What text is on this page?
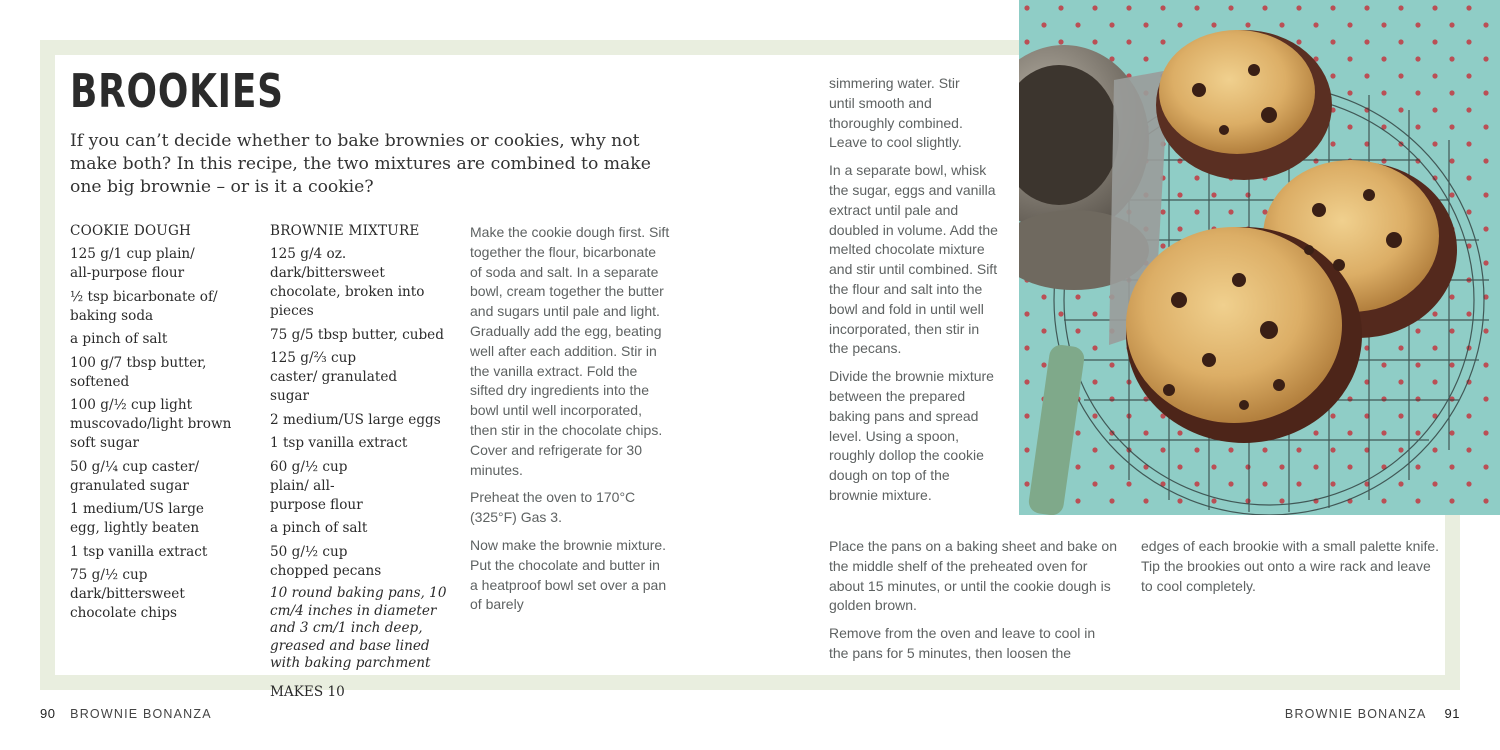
BROOKIES

If you can’t decide whether to bake brownies or cookies, why not make both? In this recipe, the two mixtures are combined to make one big brownie – or is it a cookie?

COOKIE DOUGH
125 g/1 cup plain/ all-purpose flour
½ tsp bicarbonate of/ baking soda
a pinch of salt
100 g/7 tbsp butter, softened
100 g/½ cup light muscovado/light brown soft sugar
50 g/¼ cup caster/ granulated sugar
1 medium/US large egg, lightly beaten
1 tsp vanilla extract
75 g/½ cup dark/bittersweet chocolate chips
BROWNIE MIXTURE
125 g/4 oz. dark/bittersweet chocolate, broken into pieces
75 g/5 tbsp butter, cubed
125 g/⅔ cup caster/ granulated sugar
2 medium/US large eggs
1 tsp vanilla extract
60 g/½ cup plain/ all-purpose flour
a pinch of salt
50 g/½ cup chopped pecans
10 round baking pans, 10 cm/4 inches in diameter and 3 cm/1 inch deep, greased and base lined with baking parchment
MAKES 10

Make the cookie dough first. Sift together the flour, bicarbonate of soda and salt. In a separate bowl, cream together the butter and sugars until pale and light. Gradually add the egg, beating well after each addition. Stir in the vanilla extract. Fold the sifted dry ingredients into the bowl until well incorporated, then stir in the chocolate chips. Cover and refrigerate for 30 minutes.

Preheat the oven to 170°C (325°F) Gas 3.

Now make the brownie mixture. Put the chocolate and butter in a heatproof bowl set over a pan of barely

simmering water. Stir until smooth and thoroughly combined. Leave to cool slightly.

In a separate bowl, whisk the sugar, eggs and vanilla extract until pale and doubled in volume. Add the melted chocolate mixture and stir until combined. Sift the flour and salt into the bowl and fold in until well incorporated, then stir in the pecans.

Divide the brownie mixture between the prepared baking pans and spread level. Using a spoon, roughly dollop the cookie dough on top of the brownie mixture.

Place the pans on a baking sheet and bake on the middle shelf of the preheated oven for about 15 minutes, or until the cookie dough is golden brown.

Remove from the oven and leave to cool in the pans for 5 minutes, then loosen the

edges of each brookie with a small palette knife. Tip the brookies out onto a wire rack and leave to cool completely.

90 BROWNIE BONANZA	BROWNIE BONANZA 91
